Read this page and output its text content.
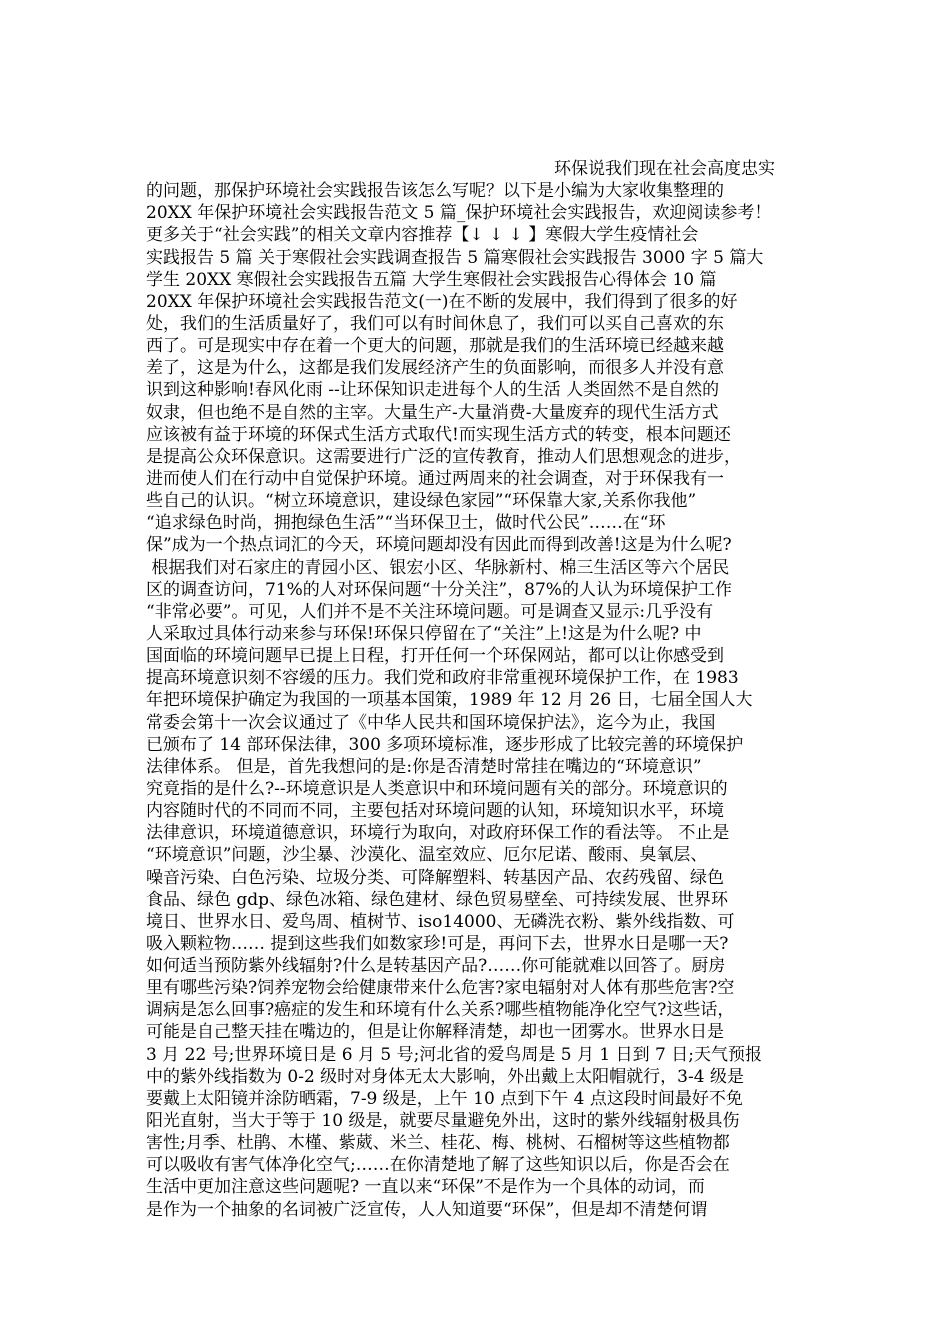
环保说我们现在社会高度忠实
的问题，那保护环境社会实践报告该怎么写呢？以下是小编为大家收集整理的
20XX 年保护环境社会实践报告范文 5 篇_保护环境社会实践报告，欢迎阅读参考！
更多关于“社会实践”的相关文章内容推荐【↓ ↓ ↓ 】寒假大学生疫情社会
实践报告 5 篇 关于寒假社会实践调查报告 5 篇寒假社会实践报告 3000 字 5 篇大
学生 20XX 寒假社会实践报告五篇 大学生寒假社会实践报告心得体会 10 篇
20XX 年保护环境社会实践报告范文(一)在不断的发展中，我们得到了很多的好
处，我们的生活质量好了，我们可以有时间休息了，我们可以买自己喜欢的东
西了。可是现实中存在着一个更大的问题，那就是我们的生活环境已经越来越
差了，这是为什么，这都是我们发展经济产生的负面影响，而很多人并没有意
识到这种影响!春风化雨 --让环保知识走进每个人的生活 人类固然不是自然的
奴隶，但也绝不是自然的主宰。大量生产-大量消费-大量废弃的现代生活方式
应该被有益于环境的环保式生活方式取代!而实现生活方式的转变，根本问题还
是提高公众环保意识。这需要进行广泛的宣传教育，推动人们思想观念的进步，
进而使人们在行动中自觉保护环境。通过两周来的社会调查，对于环保我有一
些自己的认识。“树立环境意识，建设绿色家园”“环保靠大家,关系你我他”
“追求绿色时尚，拥抱绿色生活”“当环保卫士，做时代公民”……在“环
保”成为一个热点词汇的今天，环境问题却没有因此而得到改善!这是为什么呢?
根据我们对石家庄的青园小区、银宏小区、华脉新村、棉三生活区等六个居民
区的调查访问，71%的人对环保问题“十分关注”，87%的人认为环境保护工作
“非常必要”。可见，人们并不是不关注环境问题。可是调查又显示:几乎没有
人采取过具体行动来参与环保!环保只停留在了“关注”上!这是为什么呢? 中
国面临的环境问题早已提上日程，打开任何一个环保网站，都可以让你感受到
提高环境意识刻不容缓的压力。我们党和政府非常重视环境保护工作，在 1983
年把环境保护确定为我国的一项基本国策，1989 年 12 月 26 日，七届全国人大
常委会第十一次会议通过了《中华人民共和国环境保护法》，迄今为止，我国
已颁布了 14 部环保法律，300 多项环境标准，逐步形成了比较完善的环境保护
法律体系。 但是，首先我想问的是:你是否清楚时常挂在嘴边的“环境意识”
究竟指的是什么?--环境意识是人类意识中和环境问题有关的部分。环境意识的
内容随时代的不同而不同，主要包括对环境问题的认知，环境知识水平，环境
法律意识，环境道德意识，环境行为取向，对政府环保工作的看法等。 不止是
“环境意识”问题，沙尘暴、沙漠化、温室效应、厄尔尼诺、酸雨、臭氧层、
噪音污染、白色污染、垃圾分类、可降解塑料、转基因产品、农药残留、绿色
食品、绿色 gdp、绿色冰箱、绿色建材、绿色贸易壁垒、可持续发展、世界环
境日、世界水日、爱鸟周、植树节、iso14000、无磷洗衣粉、紫外线指数、可
吸入颗粒物…… 提到这些我们如数家珍!可是，再问下去，世界水日是哪一天?
如何适当预防紫外线辐射?什么是转基因产品?……你可能就难以回答了。厨房
里有哪些污染?饲养宠物会给健康带来什么危害?家电辐射对人体有那些危害?空
调病是怎么回事?癌症的发生和环境有什么关系?哪些植物能净化空气?这些话，
可能是自己整天挂在嘴边的，但是让你解释清楚，却也一团雾水。世界水日是
3 月 22 号;世界环境日是 6 月 5 号;河北省的爱鸟周是 5 月 1 日到 7 日;天气预报
中的紫外线指数为 0-2 级时对身体无太大影响，外出戴上太阳帽就行，3-4 级是
要戴上太阳镜并涂防晒霜，7-9 级是，上午 10 点到下午 4 点这段时间最好不免
阳光直射，当大于等于 10 级是，就要尽量避免外出，这时的紫外线辐射极具伤
害性;月季、杜鹃、木槿、紫葳、米兰、桂花、梅、桃树、石榴树等这些植物都
可以吸收有害气体净化空气;……在你清楚地了解了这些知识以后，你是否会在
生活中更加注意这些问题呢? 一直以来“环保”不是作为一个具体的动词，而
是作为一个抽象的名词被广泛宣传，人人知道要“环保”，但是却不清楚何谓
